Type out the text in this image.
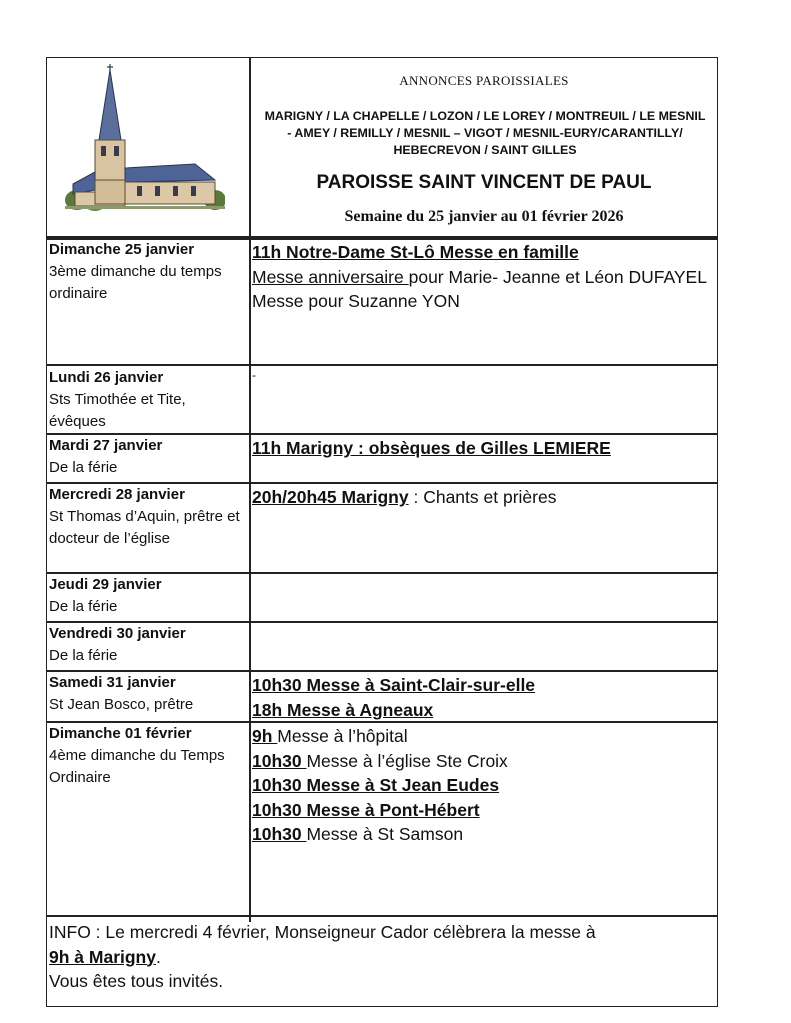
ANNONCES PAROISSIALES
MARIGNY / LA CHAPELLE / LOZON / LE LOREY / MONTREUIL / LE MESNIL - AMEY / REMILLY / MESNIL – VIGOT / MESNIL-EURY/CARANTILLY/ HEBECREVON / SAINT GILLES
PAROISSE SAINT VINCENT DE PAUL
Semaine du 25 janvier au 01 février 2026
Dimanche 25 janvier
3ème dimanche du temps ordinaire
11h Notre-Dame St-Lô Messe en famille
Messe anniversaire pour Marie- Jeanne et Léon DUFAYEL
Messe pour Suzanne YON
Lundi 26 janvier
Sts Timothée et Tite, évêques
-
Mardi 27 janvier
De la férie
11h Marigny : obsèques de Gilles LEMIERE
Mercredi 28 janvier
St Thomas d’Aquin, prêtre et docteur de l’église
20h/20h45 Marigny : Chants et prières
Jeudi 29 janvier
De la férie
Vendredi 30 janvier
De la férie
Samedi 31 janvier
St Jean Bosco, prêtre
10h30 Messe à Saint-Clair-sur-elle
18h Messe à Agneaux
Dimanche 01 février
4ème dimanche du Temps Ordinaire
9h Messe à l’hôpital
10h30 Messe à l’église Ste Croix
10h30 Messe à St Jean Eudes
10h30 Messe à Pont-Hébert
10h30 Messe à St Samson
INFO : Le mercredi 4 février, Monseigneur Cador célèbrera la messe à
9h à Marigny.
Vous êtes tous invités.
